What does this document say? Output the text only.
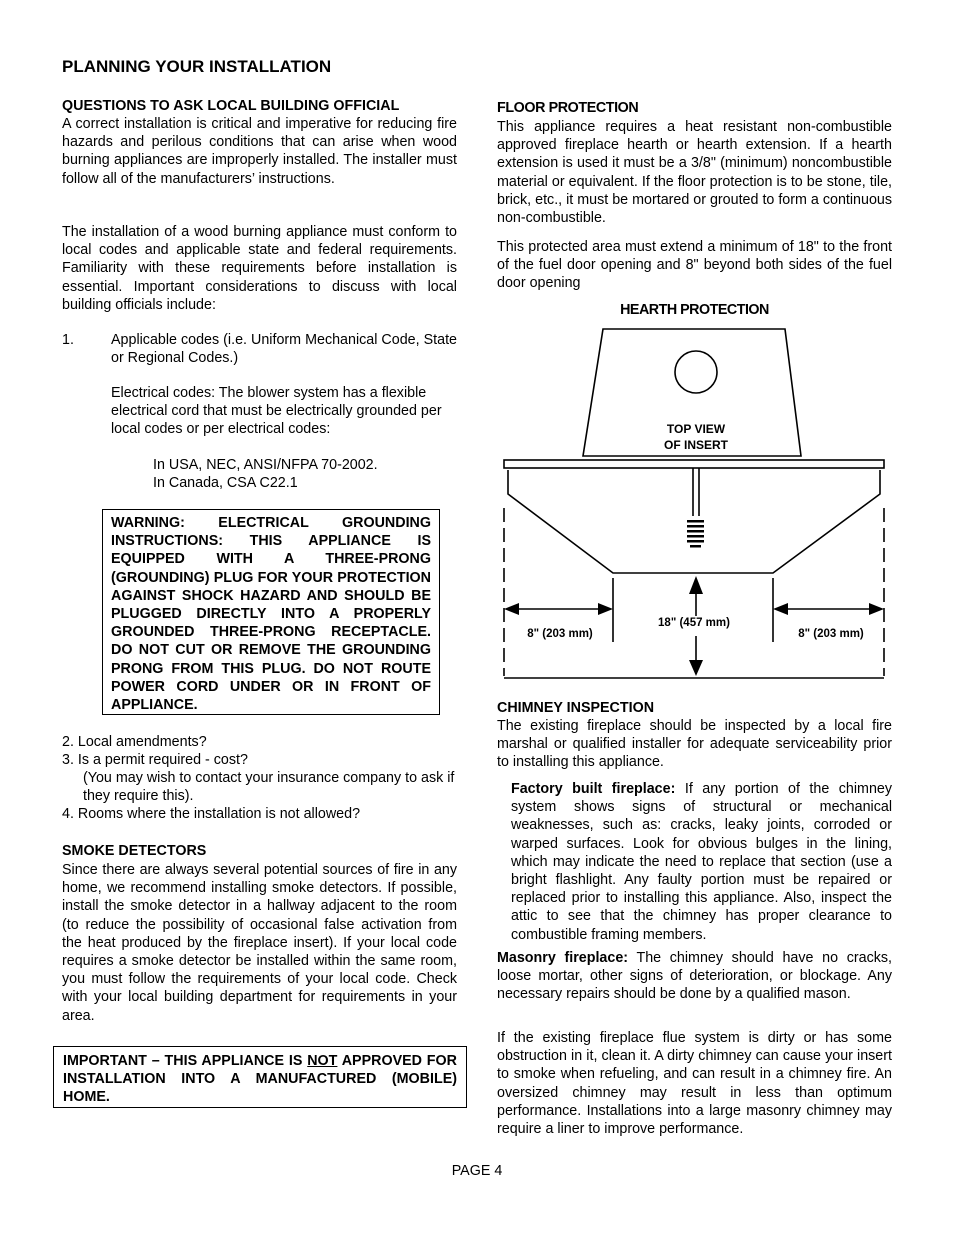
PLANNING YOUR INSTALLATION
QUESTIONS TO ASK LOCAL BUILDING OFFICIAL
A correct installation is critical and imperative for reducing fire hazards and perilous conditions that can arise when wood burning appliances are improperly installed. The installer must follow all of the manufacturers’ instructions.
The installation of a wood burning appliance must conform to local codes and applicable state and federal requirements. Familiarity with these requirements before installation is essential. Important considerations to discuss with local building officials include:
1.	Applicable codes (i.e. Uniform Mechanical Code, State or Regional Codes.)
Electrical codes: The blower system has a flexible electrical cord that must be electrically grounded per local codes or per electrical codes:
In USA, NEC, ANSI/NFPA 70-2002.
In Canada, CSA C22.1
WARNING: ELECTRICAL GROUNDING INSTRUCTIONS: THIS APPLIANCE IS EQUIPPED WITH A THREE-PRONG (GROUNDING) PLUG FOR YOUR PROTECTION AGAINST SHOCK HAZARD AND SHOULD BE PLUGGED DIRECTLY INTO A PROPERLY GROUNDED THREE-PRONG RECEPTACLE. DO NOT CUT OR REMOVE THE GROUNDING PRONG FROM THIS PLUG. DO NOT ROUTE POWER CORD UNDER OR IN FRONT OF APPLIANCE.
2. Local amendments?
3. Is a permit required - cost?
(You may wish to contact your insurance company to ask if they require this).
4. Rooms where the installation is not allowed?
SMOKE DETECTORS
Since there are always several potential sources of fire in any home, we recommend installing smoke detectors. If possible, install the smoke detector in a hallway adjacent to the room (to reduce the possibility of occasional false activation from the heat produced by the fireplace insert). If your local code requires a smoke detector be installed within the same room, you must follow the requirements of your local code. Check with your local building department for requirements in your area.
IMPORTANT – THIS APPLIANCE IS NOT APPROVED FOR INSTALLATION INTO A MANUFACTURED (MOBILE) HOME.
FLOOR PROTECTION
This appliance requires a heat resistant non-combustible approved fireplace hearth or hearth extension. If a hearth extension is used it must be a 3/8" (minimum) noncombustible material or equivalent. If the floor protection is to be stone, tile, brick, etc., it must be mortared or grouted to form a continuous non-combustible.
This protected area must extend a minimum of 18" to the front of the fuel door opening and 8" beyond both sides of the fuel door opening
HEARTH PROTECTION
TOP VIEW
OF INSERT
8" (203 mm)
18" (457 mm)
8" (203 mm)
CHIMNEY INSPECTION
The existing fireplace should be inspected by a local fire marshal or qualified installer for adequate serviceability prior to installing this appliance.
Factory built fireplace: If any portion of the chimney system shows signs of structural or mechanical weaknesses, such as: cracks, leaky joints, corroded or warped surfaces. Look for obvious bulges in the lining, which may indicate the need to replace that section (use a bright flashlight. Any faulty portion must be repaired or replaced prior to installing this appliance. Also, inspect the attic to see that the chimney has proper clearance to combustible framing members.
Masonry fireplace: The chimney should have no cracks, loose mortar, other signs of deterioration, or blockage. Any necessary repairs should be done by a qualified mason.
If the existing fireplace flue system is dirty or has some obstruction in it, clean it. A dirty chimney can cause your insert to smoke when refueling, and can result in a chimney fire. An oversized chimney may result in less than optimum performance. Installations into a large masonry chimney may require a liner to improve performance.
PAGE 4
